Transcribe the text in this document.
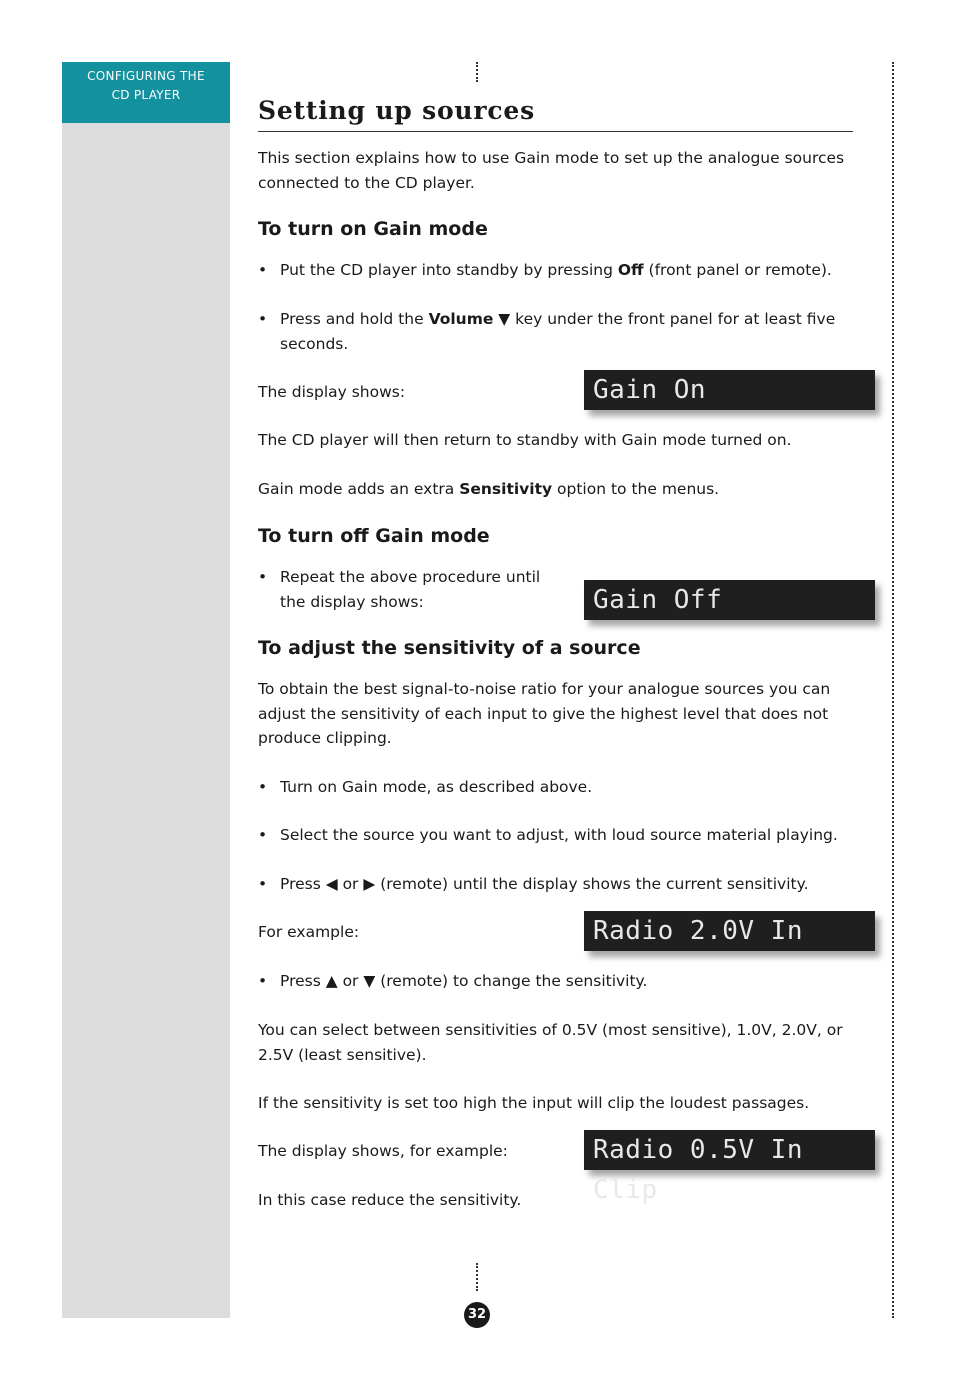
CONFIGURING THE
CD PLAYER
Setting up sources

This section explains how to use Gain mode to set up the analogue sources connected to the CD player.

To turn on Gain mode
• Put the CD player into standby by pressing Off (front panel or remote).
• Press and hold the Volume ▼ key under the front panel for at least five seconds.

The display shows:	Gain On

The CD player will then return to standby with Gain mode turned on.

Gain mode adds an extra Sensitivity option to the menus.

To turn off Gain mode
• Repeat the above procedure until the display shows:	Gain Off
To adjust the sensitivity of a source

To obtain the best signal-to-noise ratio for your analogue sources you can adjust the sensitivity of each input to give the highest level that does not produce clipping.

• Turn on Gain mode, as described above.
• Select the source you want to adjust, with loud source material playing.
• Press ◀ or ▶ (remote) until the display shows the current sensitivity.

For example:	Radio 2.0V In
• Press ▲ or ▼ (remote) to change the sensitivity.

You can select between sensitivities of 0.5V (most sensitive), 1.0V, 2.0V, or 2.5V (least sensitive).

If the sensitivity is set too high the input will clip the loudest passages.

The display shows, for example:	Radio 0.5V In Clip

In this case reduce the sensitivity.

32
